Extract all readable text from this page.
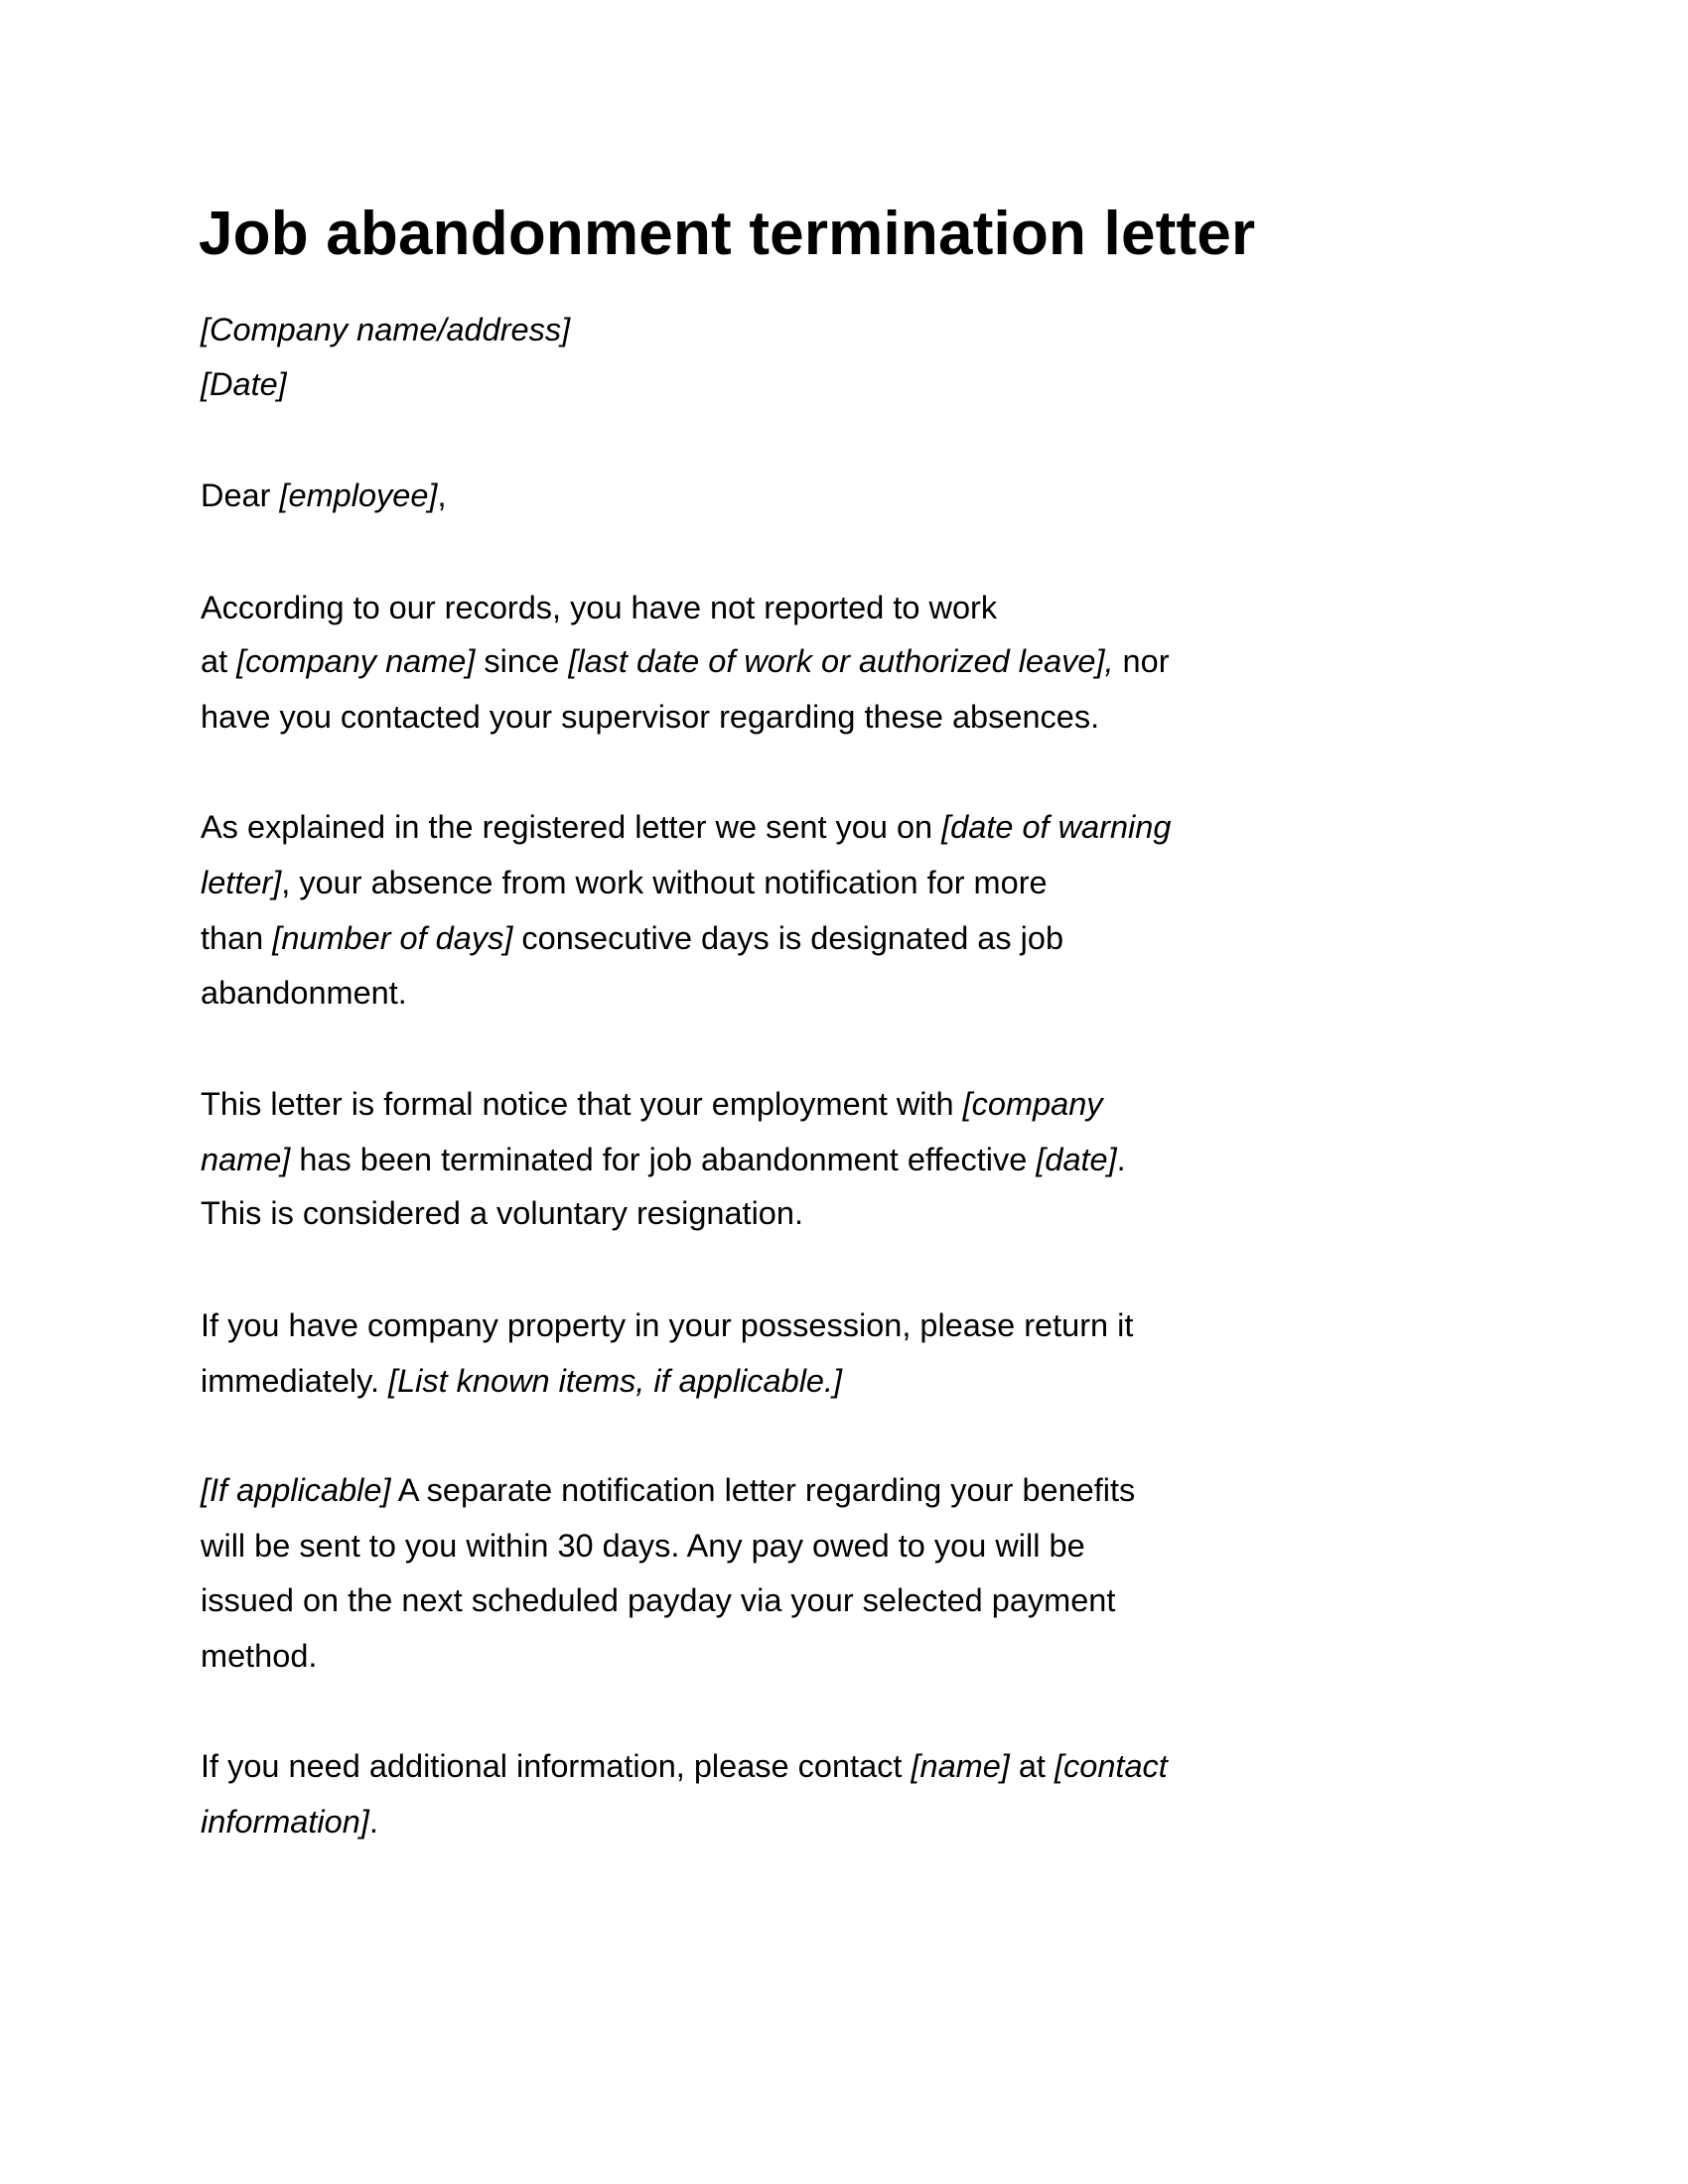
Job abandonment termination letter
[Company name/address]
[Date]
Dear [employee],
According to our records, you have not reported to work
at [company name] since [last date of work or authorized leave], nor
have you contacted your supervisor regarding these absences.
As explained in the registered letter we sent you on [date of warning
letter], your absence from work without notification for more
than [number of days] consecutive days is designated as job
abandonment.
This letter is formal notice that your employment with [company
name] has been terminated for job abandonment effective [date].
This is considered a voluntary resignation.
If you have company property in your possession, please return it
immediately. [List known items, if applicable.]
[If applicable] A separate notification letter regarding your benefits
will be sent to you within 30 days. Any pay owed to you will be
issued on the next scheduled payday via your selected payment
method.
If you need additional information, please contact [name] at [contact
information].
